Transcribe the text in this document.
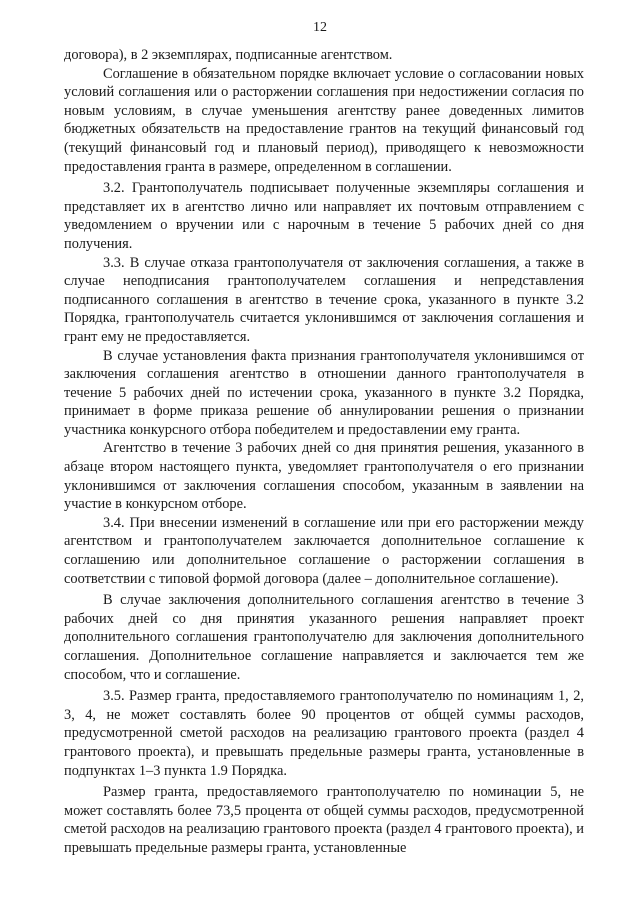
12

договора), в 2 экземплярах, подписанные агентством.

Соглашение в обязательном порядке включает условие о согласовании новых условий соглашения или о расторжении соглашения при недостижении согласия по новым условиям, в случае уменьшения агентству ранее доведенных лимитов бюджетных обязательств на предоставление грантов на текущий финансовый год (текущий финансовый год и плановый период), приводящего к невозможности предоставления гранта в размере, определенном в соглашении.

3.2. Грантополучатель подписывает полученные экземпляры соглашения и представляет их в агентство лично или направляет их почтовым отправлением с уведомлением о вручении или с нарочным в течение 5 рабочих дней со дня получения.

3.3. В случае отказа грантополучателя от заключения соглашения, а также в случае неподписания грантополучателем соглашения и непредставления подписанного соглашения в агентство в течение срока, указанного в пункте 3.2 Порядка, грантополучатель считается уклонившимся от заключения соглашения и грант ему не предоставляется.

В случае установления факта признания грантополучателя уклонившимся от заключения соглашения агентство в отношении данного грантополучателя в течение 5 рабочих дней по истечении срока, указанного в пункте 3.2 Порядка, принимает в форме приказа решение об аннулировании решения о признании участника конкурсного отбора победителем и предоставлении ему гранта.

Агентство в течение 3 рабочих дней со дня принятия решения, указанного в абзаце втором настоящего пункта, уведомляет грантополучателя о его признании уклонившимся от заключения соглашения способом, указанным в заявлении на участие в конкурсном отборе.

3.4. При внесении изменений в соглашение или при его расторжении между агентством и грантополучателем заключается дополнительное соглашение к соглашению или дополнительное соглашение о расторжении соглашения в соответствии с типовой формой договора (далее – дополнительное соглашение).

В случае заключения дополнительного соглашения агентство в течение 3 рабочих дней со дня принятия указанного решения направляет проект дополнительного соглашения грантополучателю для заключения дополнительного соглашения. Дополнительное соглашение направляется и заключается тем же способом, что и соглашение.

3.5. Размер гранта, предоставляемого грантополучателю по номинациям 1, 2, 3, 4, не может составлять более 90 процентов от общей суммы расходов, предусмотренной сметой расходов на реализацию грантового проекта (раздел 4 грантового проекта), и превышать предельные размеры гранта, установленные в подпунктах 1–3 пункта 1.9 Порядка.

Размер гранта, предоставляемого грантополучателю по номинации 5, не может составлять более 73,5 процента от общей суммы расходов, предусмотренной сметой расходов на реализацию грантового проекта (раздел 4 грантового проекта), и превышать предельные размеры гранта, установленные
